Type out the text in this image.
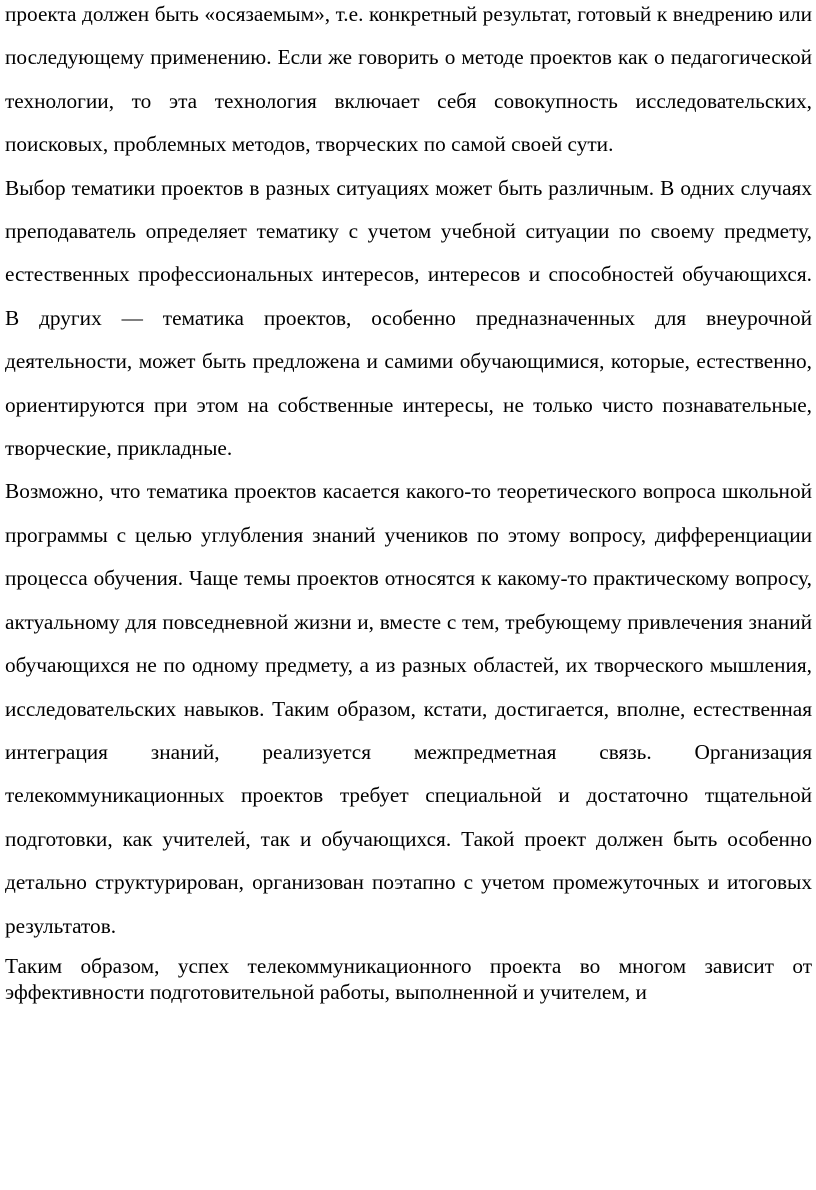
проекта должен быть «осязаемым», т.е. конкретный результат, готовый к внедрению или последующему применению. Если же говорить о методе проектов как о педагогической технологии, то эта технология включает себя совокупность исследовательских, поисковых, проблемных методов, творческих по самой своей сути.

Выбор тематики проектов в разных ситуациях может быть различным. В одних случаях преподаватель определяет тематику с учетом учебной ситуации по своему предмету, естественных профессиональных интересов, интересов и способностей обучающихся. В других — тематика проектов, особенно предназначенных для внеурочной деятельности, может быть предложена и самими обучающимися, которые, естественно, ориентируются при этом на собственные интересы, не только чисто познавательные, творческие, прикладные.

Возможно, что тематика проектов касается какого-то теоретического вопроса школьной программы с целью углубления знаний учеников по этому вопросу, дифференциации процесса обучения. Чаще темы проектов относятся к какому-то практическому вопросу, актуальному для повседневной жизни и, вместе с тем, требующему привлечения знаний обучающихся не по одному предмету, а из разных областей, их творческого мышления, исследовательских навыков. Таким образом, кстати, достигается, вполне, естественная интеграция знаний, реализуется межпредметная связь. Организация телекоммуникационных проектов требует специальной и достаточно тщательной подготовки, как учителей, так и обучающихся. Такой проект должен быть особенно детально структурирован, организован поэтапно с учетом промежуточных и итоговых результатов.

Таким образом, успех телекоммуникационного проекта во многом зависит от эффективности подготовительной работы, выполненной и учителем, и
